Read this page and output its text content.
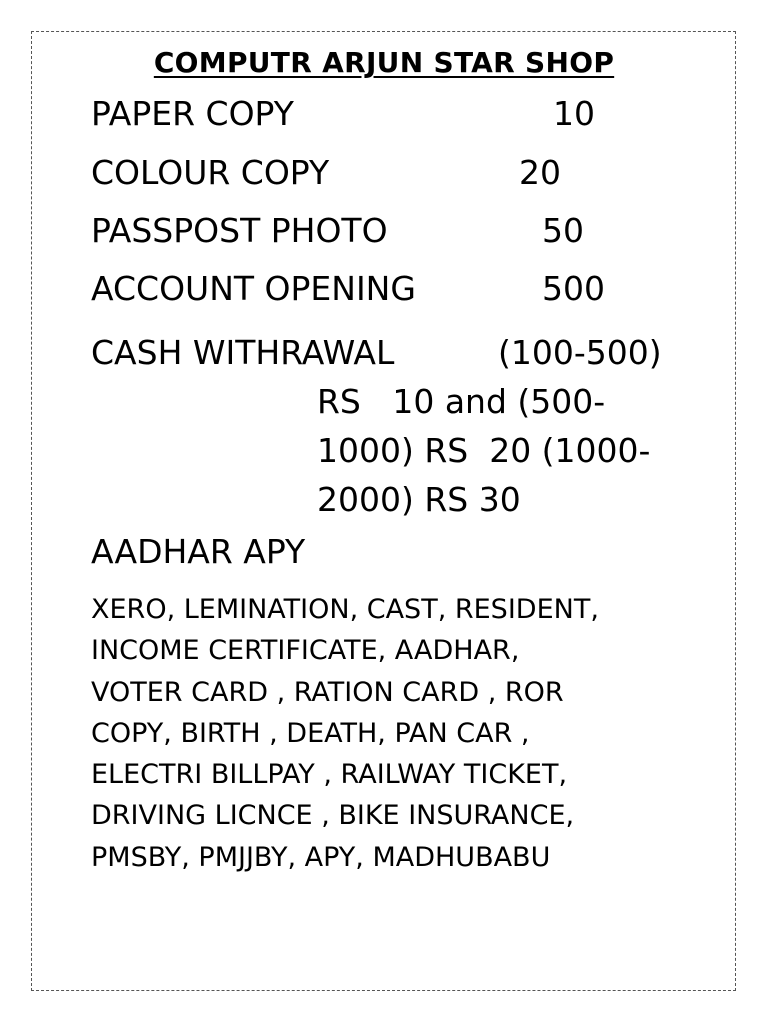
COMPUTR ARJUN STAR SHOP
PAPER COPY	10
COLOUR COPY	20
PASSPOST PHOTO	50
ACCOUNT OPENING	500
CASH WITHRAWAL	(100-500) RS   10 and (500-1000) RS  20 (1000-2000) RS 30
AADHAR APY
XERO, LEMINATION, CAST, RESIDENT,
INCOME CERTIFICATE, AADHAR,
VOTER CARD , RATION CARD , ROR
COPY, BIRTH , DEATH, PAN CAR ,
ELECTRI BILLPAY , RAILWAY TICKET,
DRIVING LICNCE , BIKE INSURANCE,
PMSBY, PMJJBY, APY, MADHUBABU
